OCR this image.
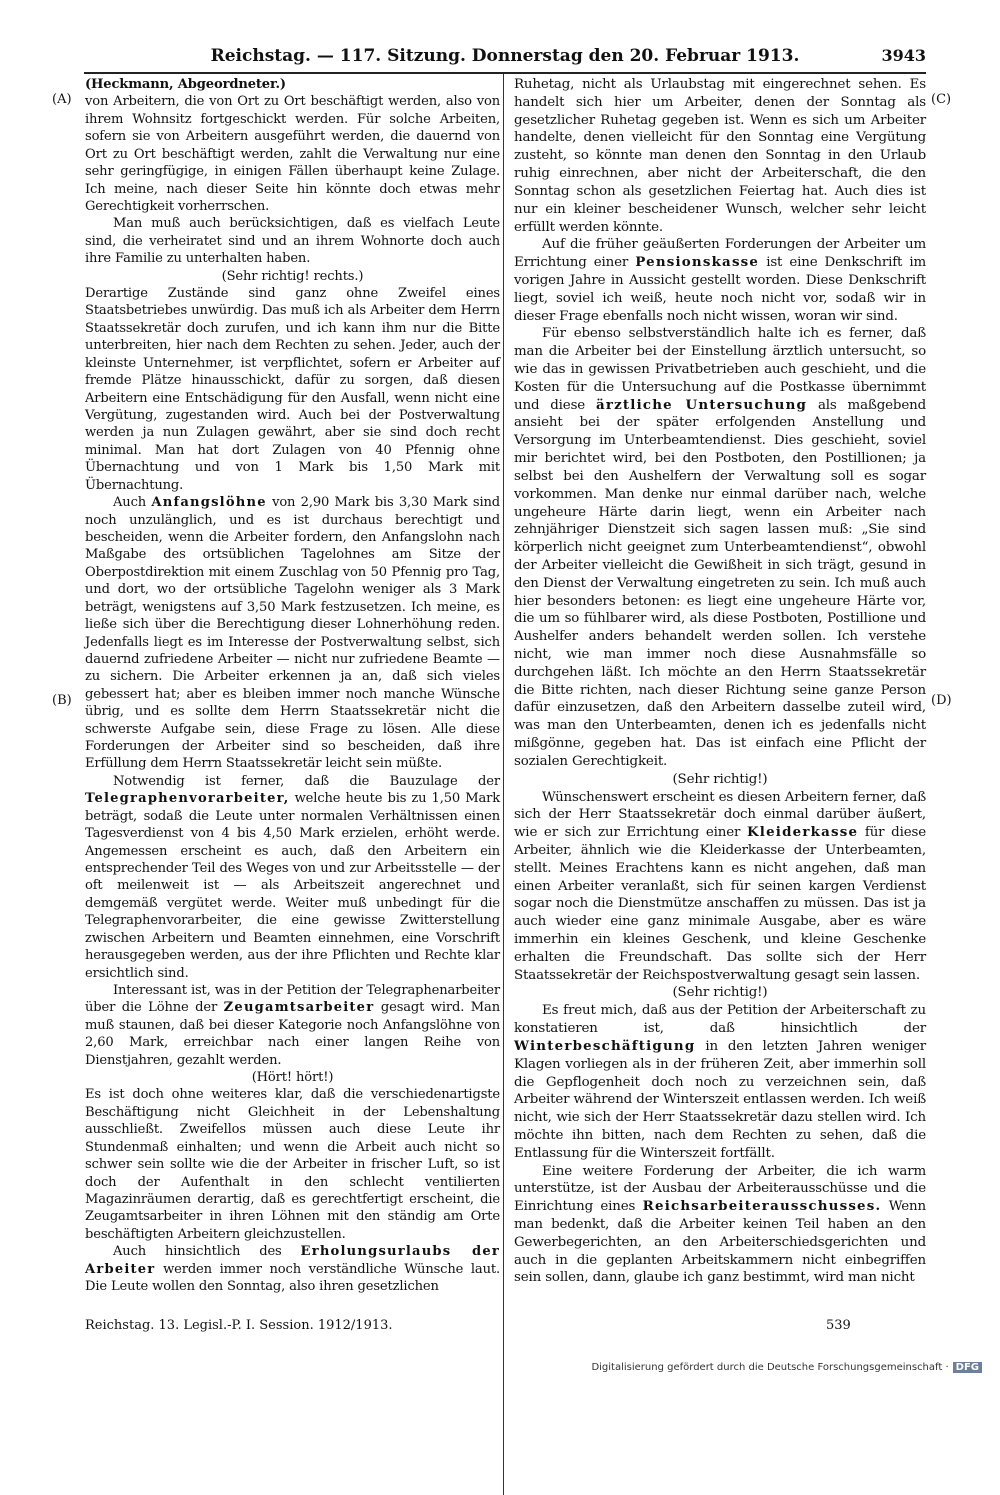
Reichstag. — 117. Sitzung. Donnerstag den 20. Februar 1913.	3943
(A)
(B)
(C)
(D)

(Heckmann, Abgeordneter.)

von Arbeitern, die von Ort zu Ort beschäftigt werden, also von ihrem Wohnsitz fortgeschickt werden. Für solche Arbeiten, sofern sie von Arbeitern ausgeführt werden, die dauernd von Ort zu Ort beschäftigt werden, zahlt die Verwaltung nur eine sehr geringfügige, in einigen Fällen überhaupt keine Zulage. Ich meine, nach dieser Seite hin könnte doch etwas mehr Gerechtigkeit vorherrschen.

Man muß auch berücksichtigen, daß es vielfach Leute sind, die verheiratet sind und an ihrem Wohnorte doch auch ihre Familie zu unterhalten haben.

(Sehr richtig! rechts.)

Derartige Zustände sind ganz ohne Zweifel eines Staatsbetriebes unwürdig. Das muß ich als Arbeiter dem Herrn Staatssekretär doch zurufen, und ich kann ihm nur die Bitte unterbreiten, hier nach dem Rechten zu sehen. Jeder, auch der kleinste Unternehmer, ist verpflichtet, sofern er Arbeiter auf fremde Plätze hinausschickt, dafür zu sorgen, daß diesen Arbeitern eine Entschädigung für den Ausfall, wenn nicht eine Vergütung, zugestanden wird. Auch bei der Postverwaltung werden ja nun Zulagen gewährt, aber sie sind doch recht minimal. Man hat dort Zulagen von 40 Pfennig ohne Übernachtung und von 1 Mark bis 1,50 Mark mit Übernachtung.

Auch Anfangslöhne von 2,90 Mark bis 3,30 Mark sind noch unzulänglich, und es ist durchaus berechtigt und bescheiden, wenn die Arbeiter fordern, den Anfangslohn nach Maßgabe des ortsüblichen Tagelohnes am Sitze der Oberpostdirektion mit einem Zuschlag von 50 Pfennig pro Tag, und dort, wo der ortsübliche Tagelohn weniger als 3 Mark beträgt, wenigstens auf 3,50 Mark festzusetzen. Ich meine, es ließe sich über die Berechtigung dieser Lohnerhöhung reden. Jedenfalls liegt es im Interesse der Postverwaltung selbst, sich dauernd zufriedene Arbeiter — nicht nur zufriedene Beamte — zu sichern. Die Arbeiter erkennen ja an, daß sich vieles gebessert hat; aber es bleiben immer noch manche Wünsche übrig, und es sollte dem Herrn Staatssekretär nicht die schwerste Aufgabe sein, diese Frage zu lösen. Alle diese Forderungen der Arbeiter sind so bescheiden, daß ihre Erfüllung dem Herrn Staatssekretär leicht sein müßte.

Notwendig ist ferner, daß die Bauzulage der Telegraphenvorarbeiter, welche heute bis zu 1,50 Mark beträgt, sodaß die Leute unter normalen Verhältnissen einen Tagesverdienst von 4 bis 4,50 Mark erzielen, erhöht werde. Angemessen erscheint es auch, daß den Arbeitern ein entsprechender Teil des Weges von und zur Arbeitsstelle — der oft meilenweit ist — als Arbeitszeit angerechnet und demgemäß vergütet werde. Weiter muß unbedingt für die Telegraphenvorarbeiter, die eine gewisse Zwitterstellung zwischen Arbeitern und Beamten einnehmen, eine Vorschrift herausgegeben werden, aus der ihre Pflichten und Rechte klar ersichtlich sind.

Interessant ist, was in der Petition der Telegraphenarbeiter über die Löhne der Zeugamtsarbeiter gesagt wird. Man muß staunen, daß bei dieser Kategorie noch Anfangslöhne von 2,60 Mark, erreichbar nach einer langen Reihe von Dienstjahren, gezahlt werden.

(Hört! hört!)

Es ist doch ohne weiteres klar, daß die verschiedenartigste Beschäftigung nicht Gleichheit in der Lebenshaltung ausschließt. Zweifellos müssen auch diese Leute ihr Stundenmaß einhalten; und wenn die Arbeit auch nicht so schwer sein sollte wie die der Arbeiter in frischer Luft, so ist doch der Aufenthalt in den schlecht ventilierten Magazinräumen derartig, daß es gerechtfertigt erscheint, die Zeugamtsarbeiter in ihren Löhnen mit den ständig am Orte beschäftigten Arbeitern gleichzustellen.

Auch hinsichtlich des Erholungsurlaubs der Arbeiter werden immer noch verständliche Wünsche laut. Die Leute wollen den Sonntag, also ihren gesetzlichen

Ruhetag, nicht als Urlaubstag mit eingerechnet sehen. Es handelt sich hier um Arbeiter, denen der Sonntag als gesetzlicher Ruhetag gegeben ist. Wenn es sich um Arbeiter handelte, denen vielleicht für den Sonntag eine Vergütung zusteht, so könnte man denen den Sonntag in den Urlaub ruhig einrechnen, aber nicht der Arbeiterschaft, die den Sonntag schon als gesetzlichen Feiertag hat. Auch dies ist nur ein kleiner bescheidener Wunsch, welcher sehr leicht erfüllt werden könnte.

Auf die früher geäußerten Forderungen der Arbeiter um Errichtung einer Pensionskasse ist eine Denkschrift im vorigen Jahre in Aussicht gestellt worden. Diese Denkschrift liegt, soviel ich weiß, heute noch nicht vor, sodaß wir in dieser Frage ebenfalls noch nicht wissen, woran wir sind.

Für ebenso selbstverständlich halte ich es ferner, daß man die Arbeiter bei der Einstellung ärztlich untersucht, so wie das in gewissen Privatbetrieben auch geschieht, und die Kosten für die Untersuchung auf die Postkasse übernimmt und diese ärztliche Untersuchung als maßgebend ansieht bei der später erfolgenden Anstellung und Versorgung im Unterbeamtendienst. Dies geschieht, soviel mir berichtet wird, bei den Postboten, den Postillionen; ja selbst bei den Aushelfern der Verwaltung soll es sogar vorkommen. Man denke nur einmal darüber nach, welche ungeheure Härte darin liegt, wenn ein Arbeiter nach zehnjähriger Dienstzeit sich sagen lassen muß: „Sie sind körperlich nicht geeignet zum Unterbeamtendienst“, obwohl der Arbeiter vielleicht die Gewißheit in sich trägt, gesund in den Dienst der Verwaltung eingetreten zu sein. Ich muß auch hier besonders betonen: es liegt eine ungeheure Härte vor, die um so fühlbarer wird, als diese Postboten, Postillione und Aushelfer anders behandelt werden sollen. Ich verstehe nicht, wie man immer noch diese Ausnahmsfälle so durchgehen läßt. Ich möchte an den Herrn Staatssekretär die Bitte richten, nach dieser Richtung seine ganze Person dafür einzusetzen, daß den Arbeitern dasselbe zuteil wird, was man den Unterbeamten, denen ich es jedenfalls nicht mißgönne, gegeben hat. Das ist einfach eine Pflicht der sozialen Gerechtigkeit.

(Sehr richtig!)

Wünschenswert erscheint es diesen Arbeitern ferner, daß sich der Herr Staatssekretär doch einmal darüber äußert, wie er sich zur Errichtung einer Kleiderkasse für diese Arbeiter, ähnlich wie die Kleiderkasse der Unterbeamten, stellt. Meines Erachtens kann es nicht angehen, daß man einen Arbeiter veranlaßt, sich für seinen kargen Verdienst sogar noch die Dienstmütze anschaffen zu müssen. Das ist ja auch wieder eine ganz minimale Ausgabe, aber es wäre immerhin ein kleines Geschenk, und kleine Geschenke erhalten die Freundschaft. Das sollte sich der Herr Staatssekretär der Reichspostverwaltung gesagt sein lassen.

(Sehr richtig!)

Es freut mich, daß aus der Petition der Arbeiterschaft zu konstatieren ist, daß hinsichtlich der Winterbeschäftigung in den letzten Jahren weniger Klagen vorliegen als in der früheren Zeit, aber immerhin soll die Gepflogenheit doch noch zu verzeichnen sein, daß Arbeiter während der Winterszeit entlassen werden. Ich weiß nicht, wie sich der Herr Staatssekretär dazu stellen wird. Ich möchte ihn bitten, nach dem Rechten zu sehen, daß die Entlassung für die Winterszeit fortfällt.

Eine weitere Forderung der Arbeiter, die ich warm unterstütze, ist der Ausbau der Arbeiterausschüsse und die Einrichtung eines Reichsarbeiterausschusses. Wenn man bedenkt, daß die Arbeiter keinen Teil haben an den Gewerbegerichten, an den Arbeiterschiedsgerichten und auch in die geplanten Arbeitskammern nicht einbegriffen sein sollen, dann, glaube ich ganz bestimmt, wird man nicht

Reichstag. 13. Legisl.-P. I. Session. 1912/1913.	539
Digitalisierung gefördert durch die Deutsche Forschungsgemeinschaft · DFG
